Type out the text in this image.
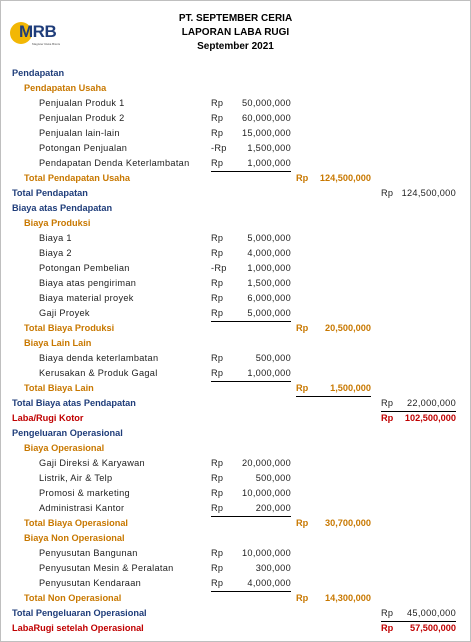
MRB
Magister Reka Bisnis
PT. SEPTEMBER CERIA
LAPORAN LABA RUGI
September 2021
Pendapatan
Pendapatan Usaha
Penjualan Produk 1	Rp 50,000,000
Penjualan Produk 2	Rp 60,000,000
Penjualan lain-lain	Rp 15,000,000
Potongan Penjualan	-Rp 1,500,000
Pendapatan Denda Keterlambatan Rp	1,000,000
Total Pendapatan Usaha	Rp 124,500,000
Total Pendapatan	Rp 124,500,000
Biaya atas Pendapatan
Biaya Produksi
Biaya 1	Rp	5,000,000
Biaya 2	Rp	4,000,000
Potongan Pembelian	-Rp 1,000,000
Biaya atas pengiriman	Rp	1,500,000
Biaya material proyek	Rp	6,000,000
Gaji Proyek	Rp	5,000,000
Total Biaya Produksi	Rp 20,500,000
Biaya Lain Lain
Biaya denda keterlambatan	Rp	500,000
Kerusakan & Produk Gagal	Rp	1,000,000
Total Biaya Lain	Rp 1,500,000
Total Biaya atas Pendapatan	Rp 22,000,000
Laba/Rugi Kotor	Rp 102,500,000
Pengeluaran Operasional
Biaya Operasional
Gaji Direksi & Karyawan	Rp 20,000,000
Listrik, Air & Telp	Rp	500,000
Promosi & marketing	Rp 10,000,000
Administrasi Kantor	Rp	200,000
Total Biaya Operasional	Rp 30,700,000
Biaya Non Operasional
Penyusutan Bangunan	Rp 10,000,000
Penyusutan Mesin & Peralatan	Rp	300,000
Penyusutan Kendaraan	Rp	4,000,000
Total Non Operasional	Rp 14,300,000
Total Pengeluaran Operasional	Rp 45,000,000
LabaRugi setelah Operasional	Rp 57,500,000
